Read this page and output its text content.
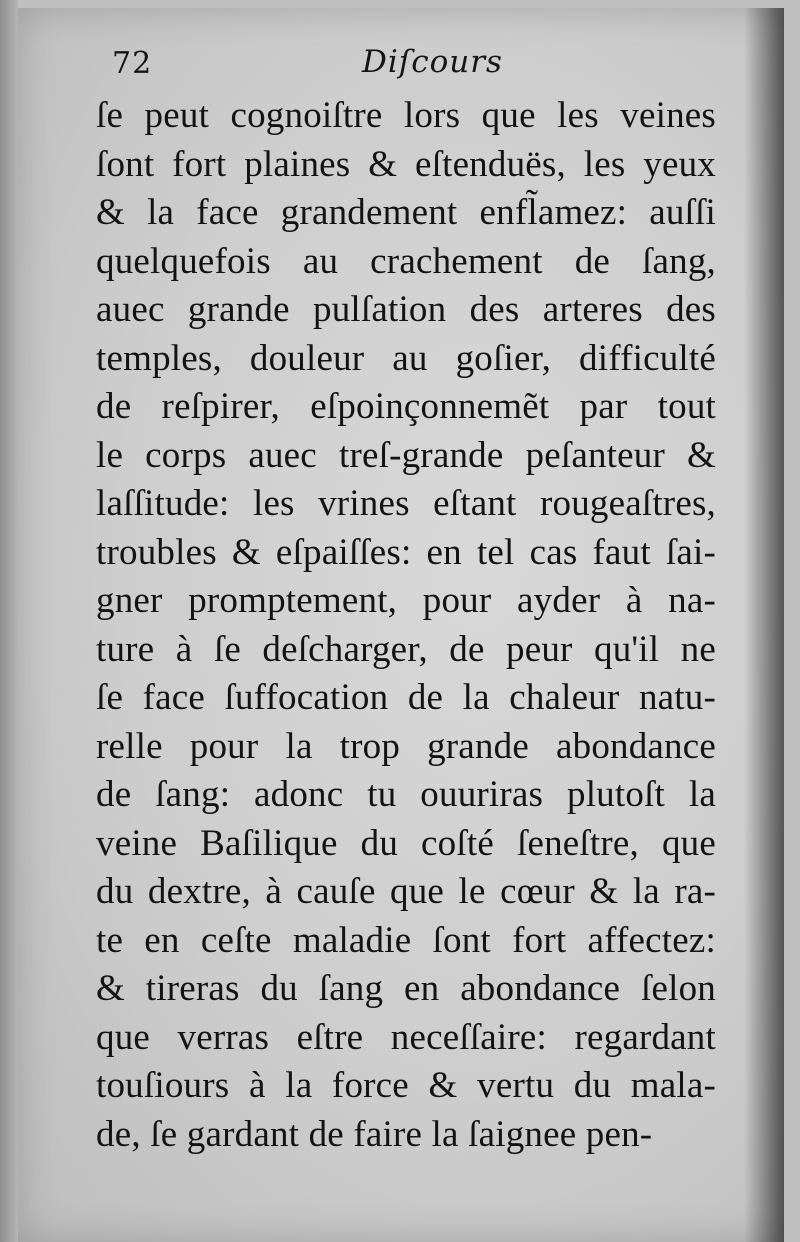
72	Diſcours
ſe peut cognoiſtre lors que les veines
ſont fort plaines & eſtenduës, les yeux
& la face grandement enfl̃amez: auſſi
quelquefois au crachement de ſang,
auec grande pulſation des arteres des
temples, douleur au goſier, difficulté
de reſpirer, eſpoinçonnemẽt par tout
le corps auec treſ-grande peſanteur &
laſſitude: les vrines eſtant rougeaſtres,
troubles & eſpaiſſes: en tel cas faut ſai-
gner promptement, pour ayder à na-
ture à ſe deſcharger, de peur qu'il ne
ſe face ſuffocation de la chaleur natu-
relle pour la trop grande abondance
de ſang: adonc tu ouuriras plutoſt la
veine Baſilique du coſté ſeneſtre, que
du dextre, à cauſe que le cœur & la ra-
te en ceſte maladie ſont fort affectez:
& tireras du ſang en abondance ſelon
que verras eſtre neceſſaire: regardant
touſiours à la force & vertu du mala-
de, ſe gardant de faire la ſaignee pen-
